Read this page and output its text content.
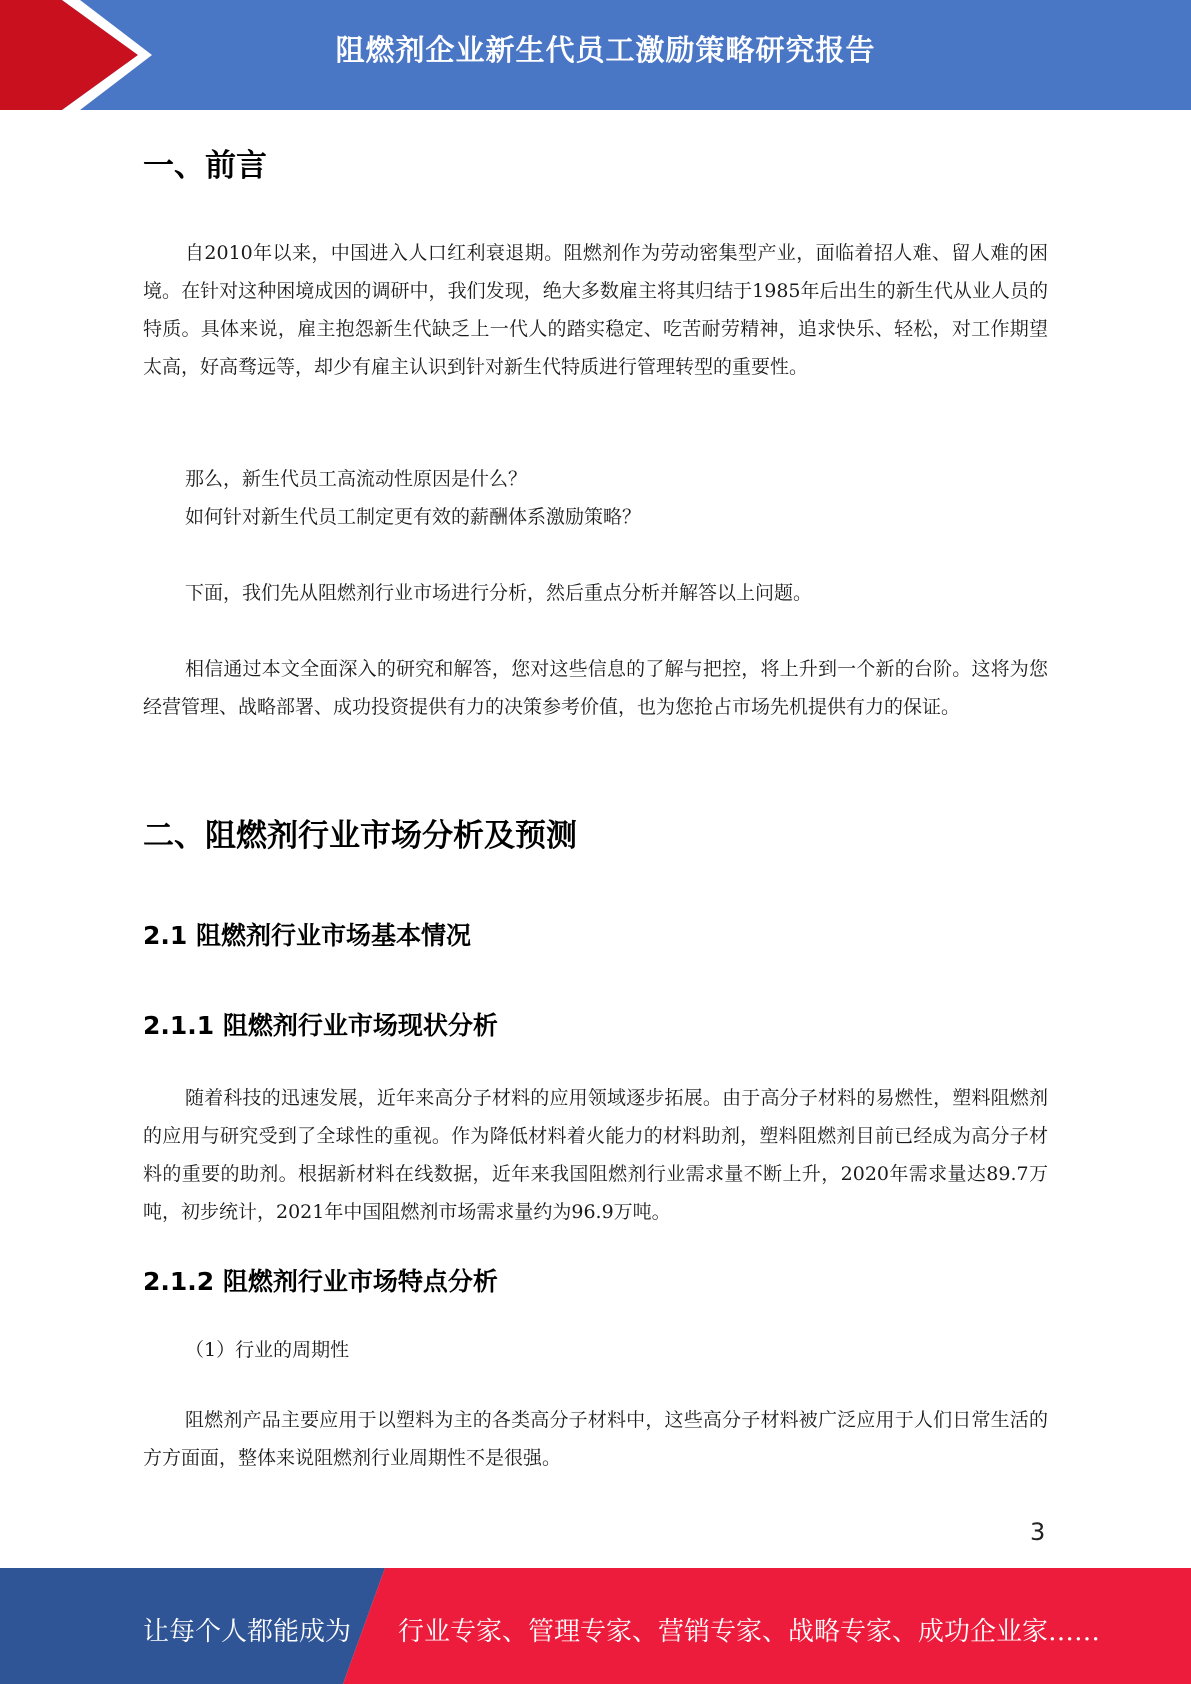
阻燃剂企业新生代员工激励策略研究报告
一、前言

自2010年以来，中国进入人口红利衰退期。阻燃剂作为劳动密集型产业，面临着招人难、留人难的困境。在针对这种困境成因的调研中，我们发现，绝大多数雇主将其归结于1985年后出生的新生代从业人员的特质。具体来说，雇主抱怨新生代缺乏上一代人的踏实稳定、吃苦耐劳精神，追求快乐、轻松，对工作期望太高，好高骛远等，却少有雇主认识到针对新生代特质进行管理转型的重要性。

那么，新生代员工高流动性原因是什么？
如何针对新生代员工制定更有效的薪酬体系激励策略？

下面，我们先从阻燃剂行业市场进行分析，然后重点分析并解答以上问题。

相信通过本文全面深入的研究和解答，您对这些信息的了解与把控，将上升到一个新的台阶。这将为您经营管理、战略部署、成功投资提供有力的决策参考价值，也为您抢占市场先机提供有力的保证。

二、阻燃剂行业市场分析及预测
2.1 阻燃剂行业市场基本情况
2.1.1 阻燃剂行业市场现状分析

随着科技的迅速发展，近年来高分子材料的应用领域逐步拓展。由于高分子材料的易燃性，塑料阻燃剂的应用与研究受到了全球性的重视。作为降低材料着火能力的材料助剂，塑料阻燃剂目前已经成为高分子材料的重要的助剂。根据新材料在线数据，近年来我国阻燃剂行业需求量不断上升，2020年需求量达89.7万吨，初步统计，2021年中国阻燃剂市场需求量约为96.9万吨。

2.1.2 阻燃剂行业市场特点分析
（1）行业的周期性

阻燃剂产品主要应用于以塑料为主的各类高分子材料中，这些高分子材料被广泛应用于人们日常生活的方方面面，整体来说阻燃剂行业周期性不是很强。

3
让每个人都能成为 行业专家、管理专家、营销专家、战略专家、成功企业家……
